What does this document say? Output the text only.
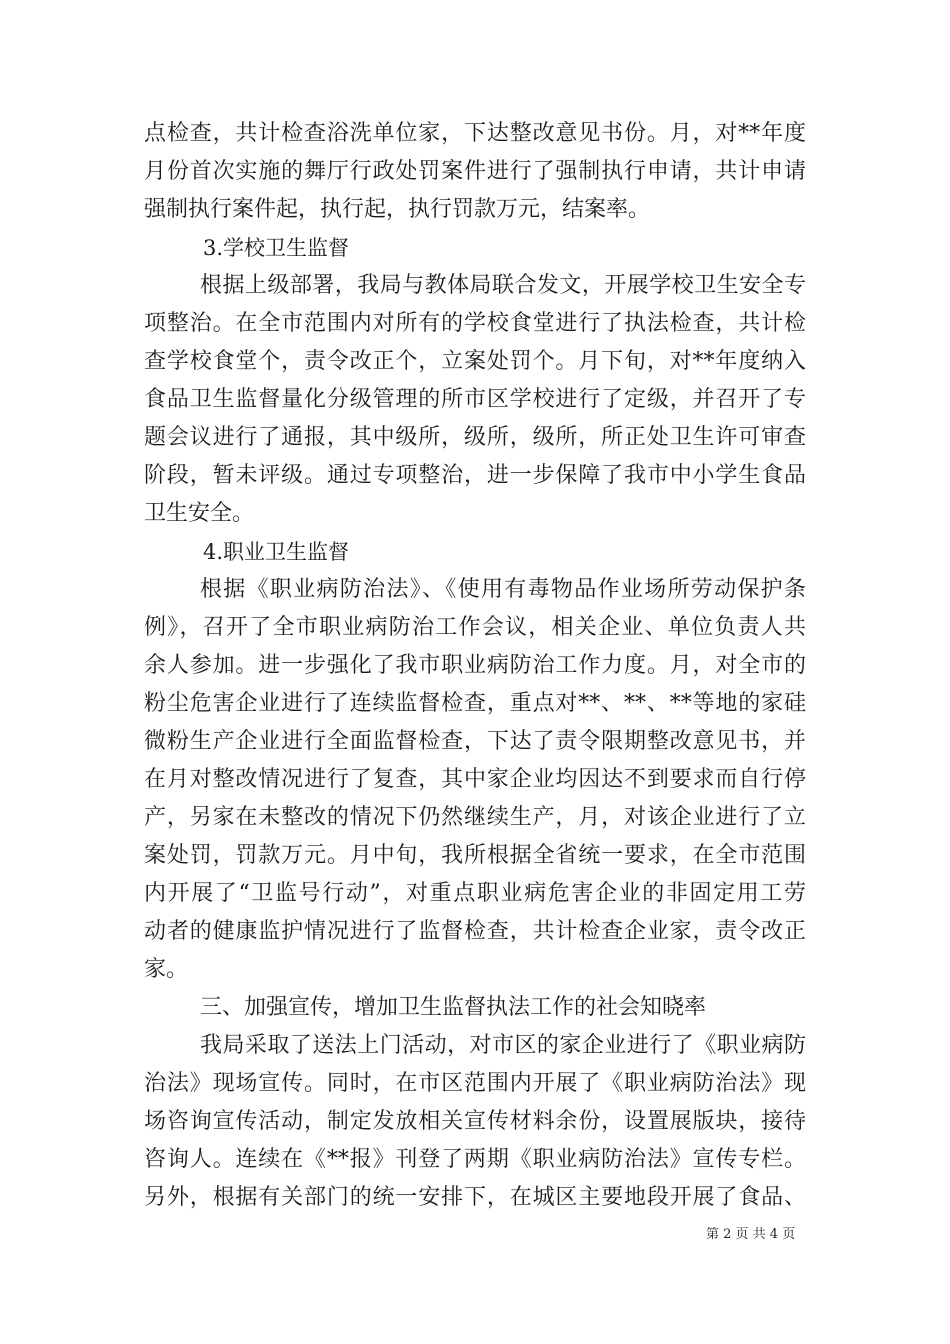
点检查，共计检查浴洗单位家，下达整改意见书份。月，对**年度
月份首次实施的舞厅行政处罚案件进行了强制执行申请，共计申请
强制执行案件起，执行起，执行罚款万元，结案率。
3.学校卫生监督
根据上级部署，我局与教体局联合发文，开展学校卫生安全专
项整治。在全市范围内对所有的学校食堂进行了执法检查，共计检
查学校食堂个，责令改正个，立案处罚个。月下旬，对**年度纳入
食品卫生监督量化分级管理的所市区学校进行了定级，并召开了专
题会议进行了通报，其中级所，级所，级所，所正处卫生许可审查
阶段，暂未评级。通过专项整治，进一步保障了我市中小学生食品
卫生安全。
4.职业卫生监督
根据《职业病防治法》、《使用有毒物品作业场所劳动保护条
例》，召开了全市职业病防治工作会议，相关企业、单位负责人共
余人参加。进一步强化了我市职业病防治工作力度。月，对全市的
粉尘危害企业进行了连续监督检查，重点对**、**、**等地的家硅
微粉生产企业进行全面监督检查，下达了责令限期整改意见书，并
在月对整改情况进行了复查，其中家企业均因达不到要求而自行停
产，另家在未整改的情况下仍然继续生产，月，对该企业进行了立
案处罚，罚款万元。月中旬，我所根据全省统一要求，在全市范围
内开展了“卫监号行动”，对重点职业病危害企业的非固定用工劳
动者的健康监护情况进行了监督检查，共计检查企业家，责令改正
家。
三、加强宣传，增加卫生监督执法工作的社会知晓率
我局采取了送法上门活动，对市区的家企业进行了《职业病防
治法》现场宣传。同时，在市区范围内开展了《职业病防治法》现
场咨询宣传活动，制定发放相关宣传材料余份，设置展版块，接待
咨询人。连续在《**报》刊登了两期《职业病防治法》宣传专栏。
另外，根据有关部门的统一安排下，在城区主要地段开展了食品、
第 2 页 共 4 页
